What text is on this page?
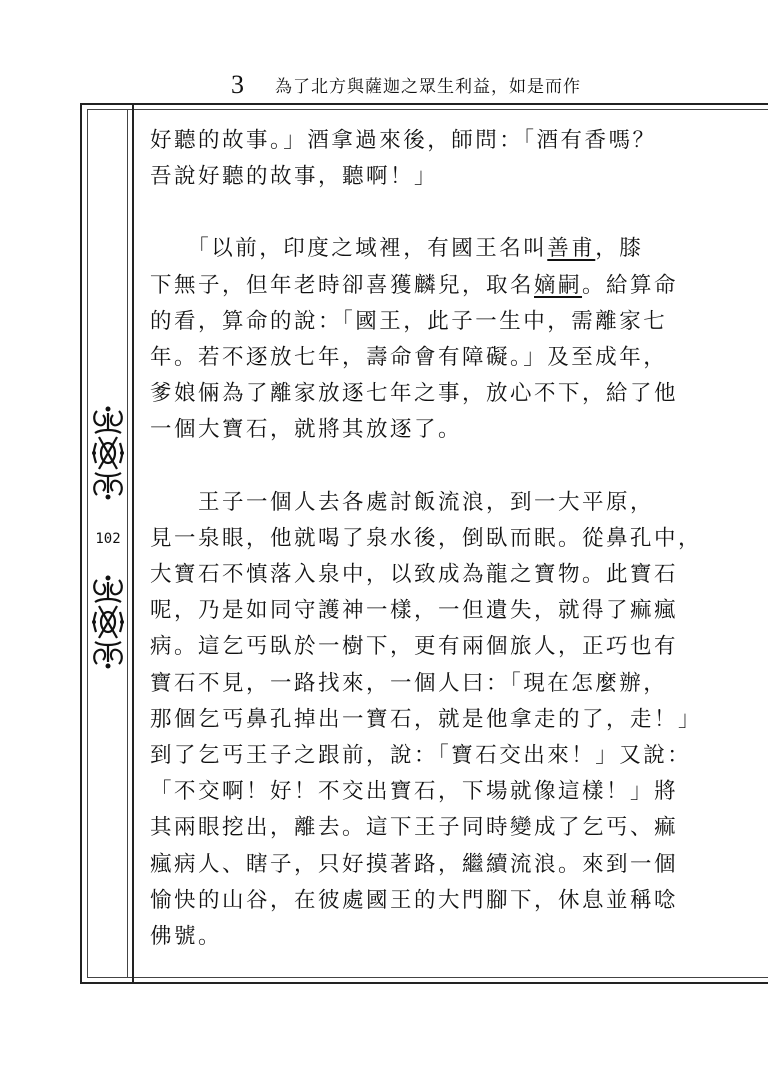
3 為了北方與薩迦之眾生利益，如是而作
102

好聽的故事。」酒拿過來後，師問：「酒有香嗎？

吾說好聽的故事，聽啊！」

　　「以前，印度之域裡，有國王名叫善甫，膝

下無子，但年老時卻喜獲麟兒，取名嫡嗣。給算命

的看，算命的說：「國王，此子一生中，需離家七

年。若不逐放七年，壽命會有障礙。」及至成年，

爹娘倆為了離家放逐七年之事，放心不下，給了他

一個大寶石，就將其放逐了。

　　王子一個人去各處討飯流浪，到一大平原，

見一泉眼，他就喝了泉水後，倒臥而眠。從鼻孔中，

大寶石不慎落入泉中，以致成為龍之寶物。此寶石

呢，乃是如同守護神一樣，一但遺失，就得了痲瘋

病。這乞丐臥於一樹下，更有兩個旅人，正巧也有

寶石不見，一路找來，一個人曰：「現在怎麼辦，

那個乞丐鼻孔掉出一寶石，就是他拿走的了，走！」

到了乞丐王子之跟前，說：「寶石交出來！」又說：

「不交啊！好！不交出寶石，下場就像這樣！」將

其兩眼挖出，離去。這下王子同時變成了乞丐、痲

瘋病人、瞎子，只好摸著路，繼續流浪。來到一個

愉快的山谷，在彼處國王的大門腳下，休息並稱唸

佛號。
